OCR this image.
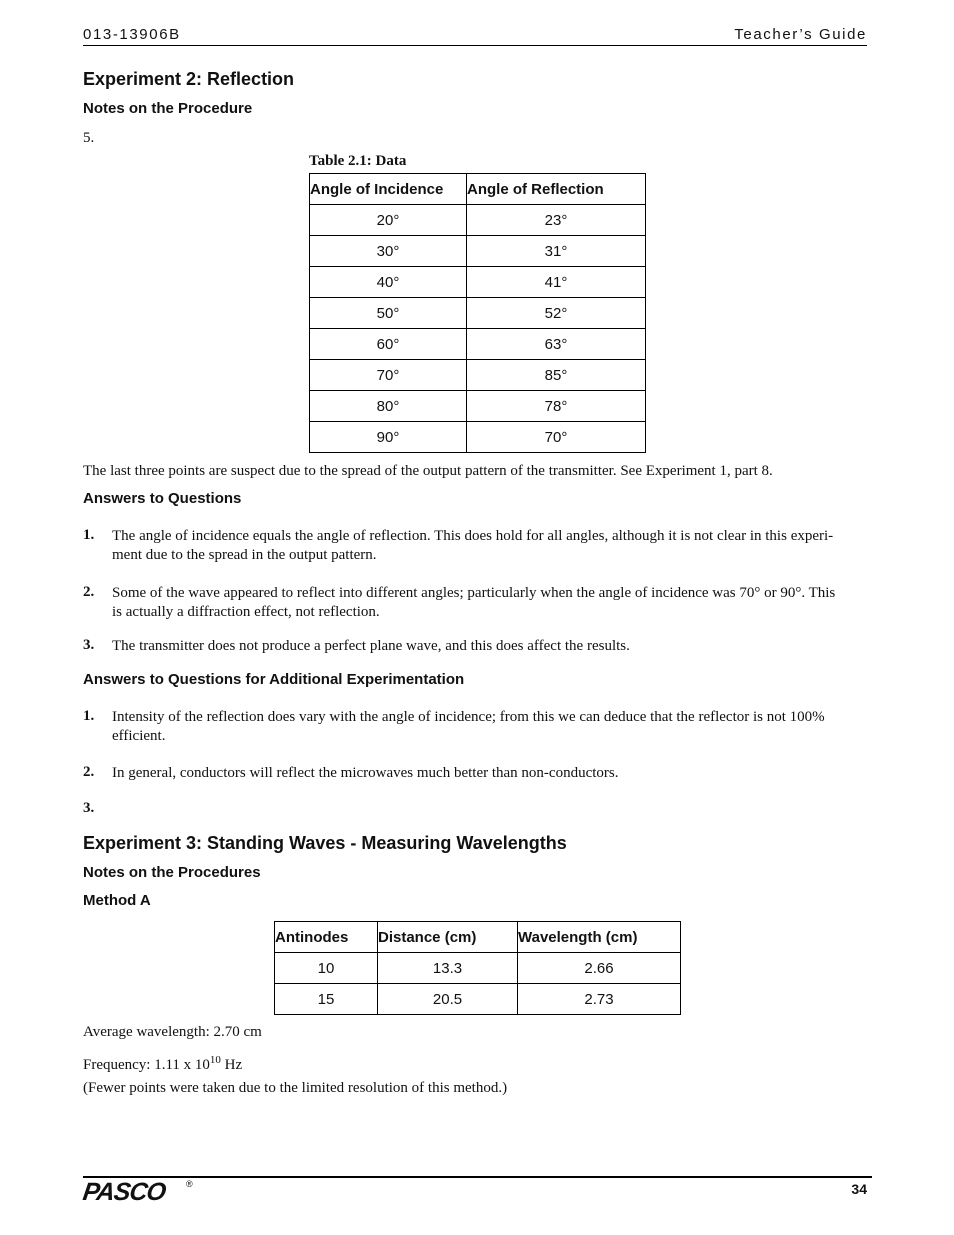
013-13906B	Teacher’s Guide
Experiment 2: Reflection
Notes on the Procedure
5.
Table 2.1: Data
Angle of Incidence	Angle of Reflection
20°	23°
30°	31°
40°	41°
50°	52°
60°	63°
70°	85°
80°	78°
90°	70°
The last three points are suspect due to the spread of the output pattern of the transmitter. See Experiment 1, part 8.
Answers to Questions
1. The angle of incidence equals the angle of reflection. This does hold for all angles, although it is not clear in this experi-
ment due to the spread in the output pattern.
2. Some of the wave appeared to reflect into different angles; particularly when the angle of incidence was 70° or 90°. This
is actually a diffraction effect, not reflection.
3. The transmitter does not produce a perfect plane wave, and this does affect the results.
Answers to Questions for Additional Experimentation
1. Intensity of the reflection does vary with the angle of incidence; from this we can deduce that the reflector is not 100%
efficient.
2. In general, conductors will reflect the microwaves much better than non-conductors.
3.
Experiment 3: Standing Waves - Measuring Wavelengths
Notes on the Procedures
Method A
Antinodes	Distance (cm)	Wavelength (cm)
10	13.3	2.66
15	20.5	2.73
Average wavelength: 2.70 cm
Frequency: 1.11 x $10^{10}$ Hz
(Fewer points were taken due to the limited resolution of this method.)
PASCO ®	34
